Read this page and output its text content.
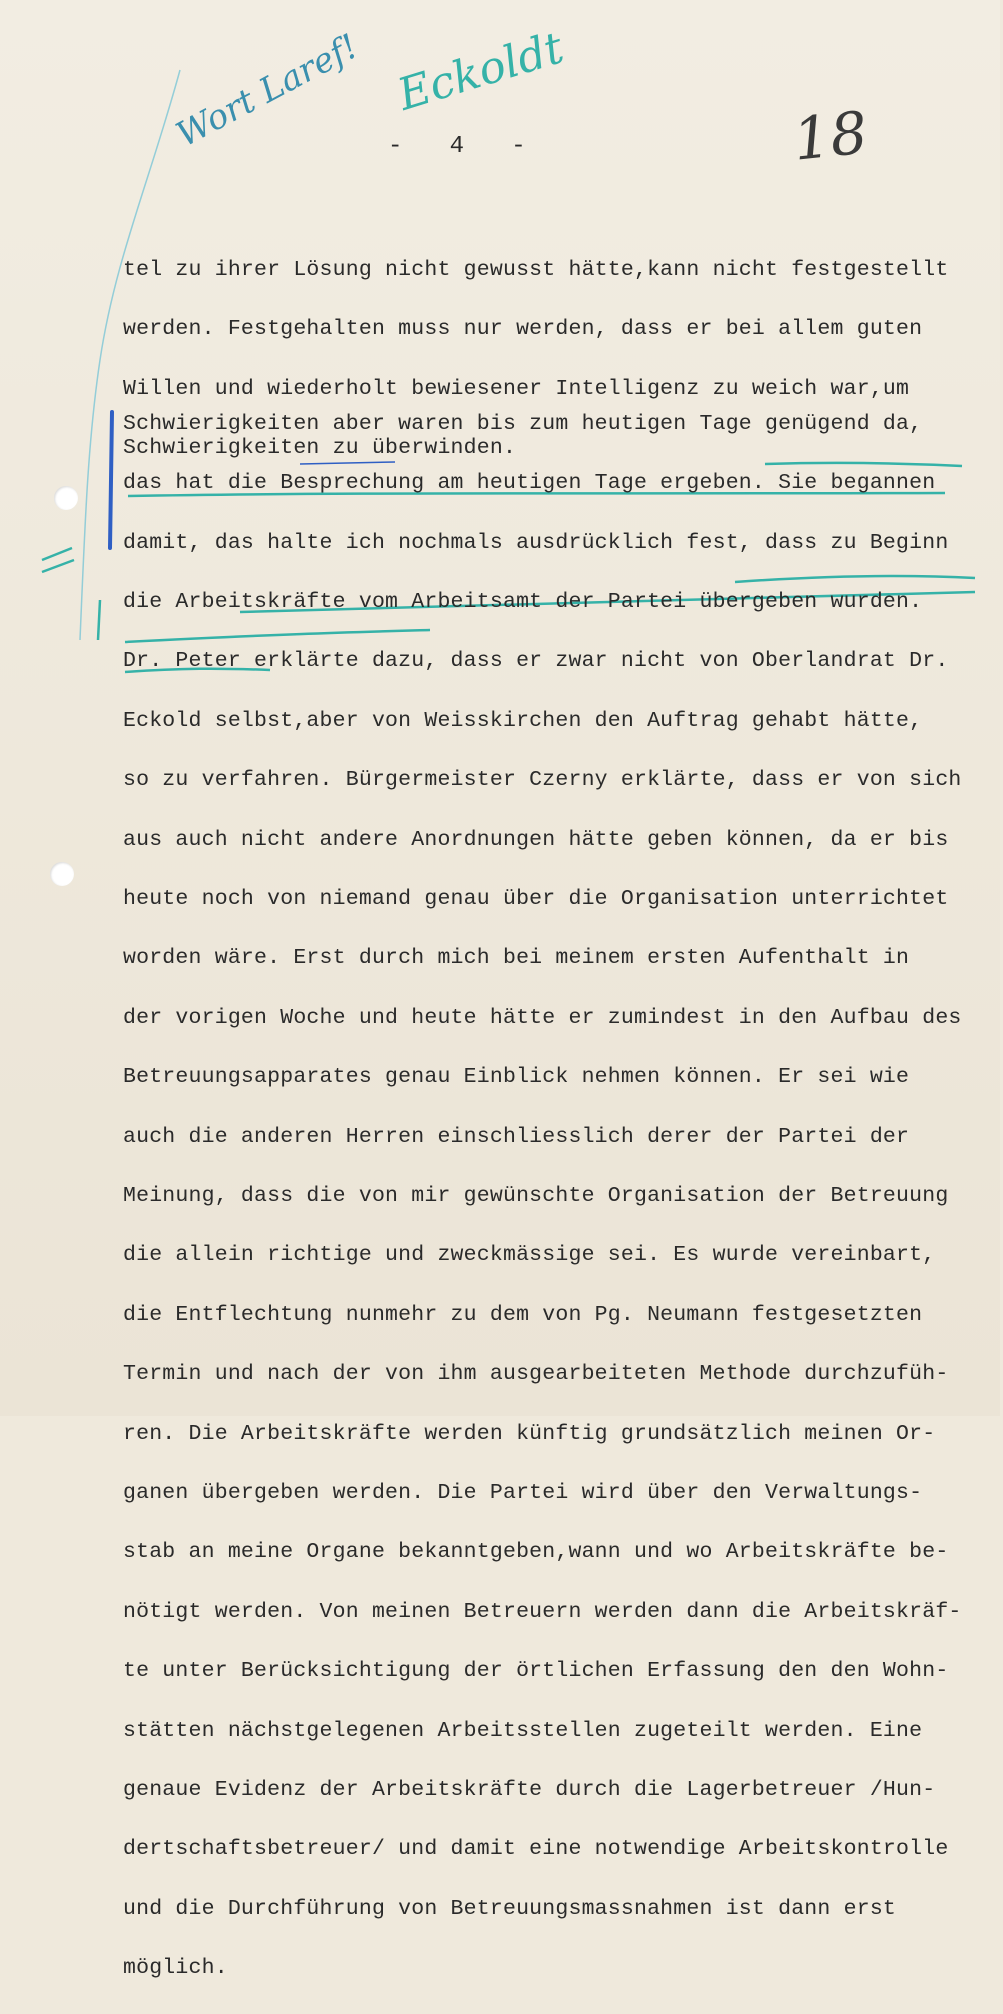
Wort Laref! Eckoldt
-   4   -	18

tel zu ihrer Lösung nicht gewusst hätte,kann nicht festgestellt

werden. Festgehalten muss nur werden, dass er bei allem guten

Willen und wiederholt bewiesener Intelligenz zu weich war,um

Schwierigkeiten zu überwinden.

Schwierigkeiten aber waren bis zum heutigen Tage genügend da,

das hat die Besprechung am heutigen Tage ergeben. Sie begannen

damit, das halte ich nochmals ausdrücklich fest, dass zu Beginn

die Arbeitskräfte vom Arbeitsamt der Partei übergeben wurden.

Dr. Peter erklärte dazu, dass er zwar nicht von Oberlandrat Dr.

Eckold selbst,aber von Weisskirchen den Auftrag gehabt hätte,

so zu verfahren. Bürgermeister Czerny erklärte, dass er von sich

aus auch nicht andere Anordnungen hätte geben können, da er bis

heute noch von niemand genau über die Organisation unterrichtet

worden wäre. Erst durch mich bei meinem ersten Aufenthalt in

der vorigen Woche und heute hätte er zumindest in den Aufbau des

Betreuungsapparates genau Einblick nehmen können. Er sei wie

auch die anderen Herren einschliesslich derer der Partei der

Meinung, dass die von mir gewünschte Organisation der Betreuung

die allein richtige und zweckmässige sei. Es wurde vereinbart,

die Entflechtung nunmehr zu dem von Pg. Neumann festgesetzten

Termin und nach der von ihm ausgearbeiteten Methode durchzufüh-

ren. Die Arbeitskräfte werden künftig grundsätzlich meinen Or-

ganen übergeben werden. Die Partei wird über den Verwaltungs-

stab an meine Organe bekanntgeben,wann und wo Arbeitskräfte be-

nötigt werden. Von meinen Betreuern werden dann die Arbeitskräf-

te unter Berücksichtigung der örtlichen Erfassung den den Wohn-

stätten nächstgelegenen Arbeitsstellen zugeteilt werden. Eine

genaue Evidenz der Arbeitskräfte durch die Lagerbetreuer /Hun-

dertschaftsbetreuer/ und damit eine notwendige Arbeitskontrolle

und die Durchführung von Betreuungsmassnahmen ist dann erst

möglich.
